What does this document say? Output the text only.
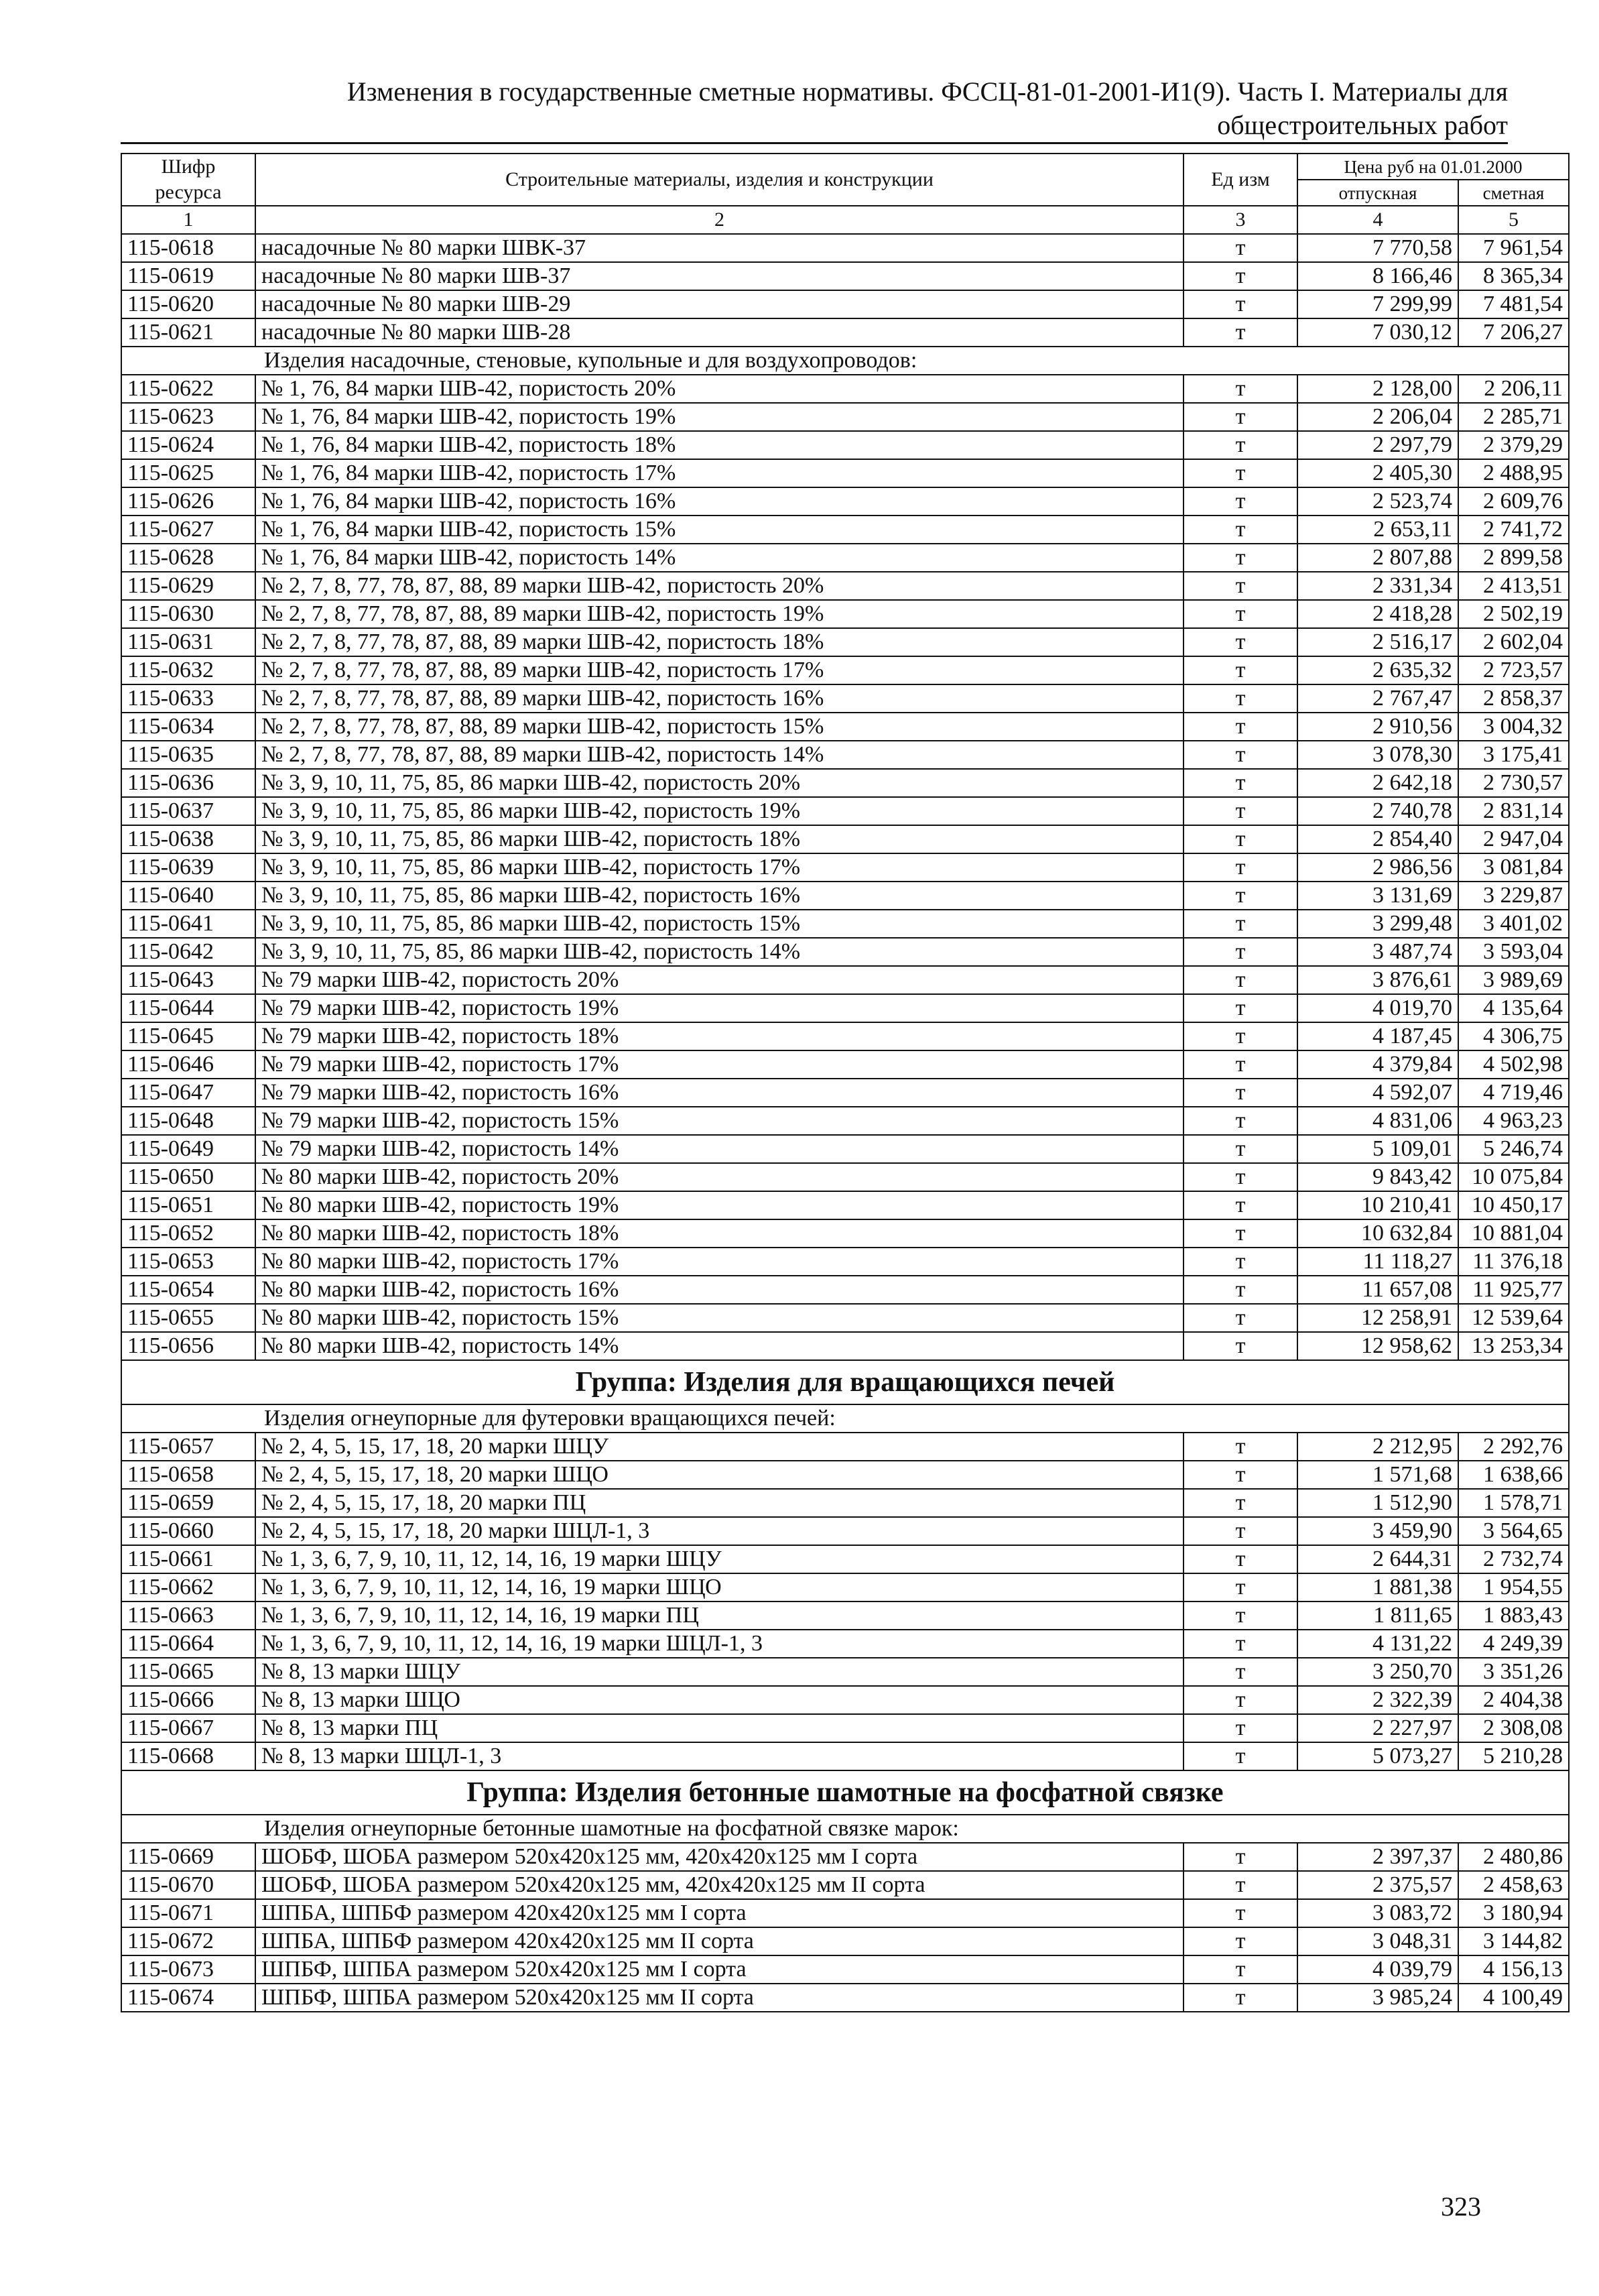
Изменения в государственные сметные нормативы. ФССЦ-81-01-2001-И1(9). Часть I. Материалы для
общестроительных работ
Шифр ресурса	Строительные материалы, изделия и конструкции	Ед изм	Цена руб на 01.01.2000	
			отпускная	сметная
1	2	3	4	5
115-0618	насадочные № 80 марки ШВК-37	т	7 770,58	7 961,54
115-0619	насадочные № 80 марки ШВ-37	т	8 166,46	8 365,34
115-0620	насадочные № 80 марки ШВ-29	т	7 299,99	7 481,54
115-0621	насадочные № 80 марки ШВ-28	т	7 030,12	7 206,27
Изделия насадочные, стеновые, купольные и для воздухопроводов:				
115-0622	№ 1, 76, 84 марки ШВ-42, пористость 20%	т	2 128,00	2 206,11
115-0623	№ 1, 76, 84 марки ШВ-42, пористость 19%	т	2 206,04	2 285,71
115-0624	№ 1, 76, 84 марки ШВ-42, пористость 18%	т	2 297,79	2 379,29
115-0625	№ 1, 76, 84 марки ШВ-42, пористость 17%	т	2 405,30	2 488,95
115-0626	№ 1, 76, 84 марки ШВ-42, пористость 16%	т	2 523,74	2 609,76
115-0627	№ 1, 76, 84 марки ШВ-42, пористость 15%	т	2 653,11	2 741,72
115-0628	№ 1, 76, 84 марки ШВ-42, пористость 14%	т	2 807,88	2 899,58
115-0629	№ 2, 7, 8, 77, 78, 87, 88, 89 марки ШВ-42, пористость 20%	т	2 331,34	2 413,51
115-0630	№ 2, 7, 8, 77, 78, 87, 88, 89 марки ШВ-42, пористость 19%	т	2 418,28	2 502,19
115-0631	№ 2, 7, 8, 77, 78, 87, 88, 89 марки ШВ-42, пористость 18%	т	2 516,17	2 602,04
115-0632	№ 2, 7, 8, 77, 78, 87, 88, 89 марки ШВ-42, пористость 17%	т	2 635,32	2 723,57
115-0633	№ 2, 7, 8, 77, 78, 87, 88, 89 марки ШВ-42, пористость 16%	т	2 767,47	2 858,37
115-0634	№ 2, 7, 8, 77, 78, 87, 88, 89 марки ШВ-42, пористость 15%	т	2 910,56	3 004,32
115-0635	№ 2, 7, 8, 77, 78, 87, 88, 89 марки ШВ-42, пористость 14%	т	3 078,30	3 175,41
115-0636	№ 3, 9, 10, 11, 75, 85, 86 марки ШВ-42, пористость 20%	т	2 642,18	2 730,57
115-0637	№ 3, 9, 10, 11, 75, 85, 86 марки ШВ-42, пористость 19%	т	2 740,78	2 831,14
115-0638	№ 3, 9, 10, 11, 75, 85, 86 марки ШВ-42, пористость 18%	т	2 854,40	2 947,04
115-0639	№ 3, 9, 10, 11, 75, 85, 86 марки ШВ-42, пористость 17%	т	2 986,56	3 081,84
115-0640	№ 3, 9, 10, 11, 75, 85, 86 марки ШВ-42, пористость 16%	т	3 131,69	3 229,87
115-0641	№ 3, 9, 10, 11, 75, 85, 86 марки ШВ-42, пористость 15%	т	3 299,48	3 401,02
115-0642	№ 3, 9, 10, 11, 75, 85, 86 марки ШВ-42, пористость 14%	т	3 487,74	3 593,04
115-0643	№ 79 марки ШВ-42, пористость 20%	т	3 876,61	3 989,69
115-0644	№ 79 марки ШВ-42, пористость 19%	т	4 019,70	4 135,64
115-0645	№ 79 марки ШВ-42, пористость 18%	т	4 187,45	4 306,75
115-0646	№ 79 марки ШВ-42, пористость 17%	т	4 379,84	4 502,98
115-0647	№ 79 марки ШВ-42, пористость 16%	т	4 592,07	4 719,46
115-0648	№ 79 марки ШВ-42, пористость 15%	т	4 831,06	4 963,23
115-0649	№ 79 марки ШВ-42, пористость 14%	т	5 109,01	5 246,74
115-0650	№ 80 марки ШВ-42, пористость 20%	т	9 843,42	10 075,84
115-0651	№ 80 марки ШВ-42, пористость 19%	т	10 210,41	10 450,17
115-0652	№ 80 марки ШВ-42, пористость 18%	т	10 632,84	10 881,04
115-0653	№ 80 марки ШВ-42, пористость 17%	т	11 118,27	11 376,18
115-0654	№ 80 марки ШВ-42, пористость 16%	т	11 657,08	11 925,77
115-0655	№ 80 марки ШВ-42, пористость 15%	т	12 258,91	12 539,64
115-0656	№ 80 марки ШВ-42, пористость 14%	т	12 958,62	13 253,34
Группа: Изделия для вращающихся печей				
Изделия огнеупорные для футеровки вращающихся печей:				
115-0657	№ 2, 4, 5, 15, 17, 18, 20 марки ШЦУ	т	2 212,95	2 292,76
115-0658	№ 2, 4, 5, 15, 17, 18, 20 марки ШЦО	т	1 571,68	1 638,66
115-0659	№ 2, 4, 5, 15, 17, 18, 20 марки ПЦ	т	1 512,90	1 578,71
115-0660	№ 2, 4, 5, 15, 17, 18, 20 марки ШЦЛ-1, 3	т	3 459,90	3 564,65
115-0661	№ 1, 3, 6, 7, 9, 10, 11, 12, 14, 16, 19 марки ШЦУ	т	2 644,31	2 732,74
115-0662	№ 1, 3, 6, 7, 9, 10, 11, 12, 14, 16, 19 марки ШЦО	т	1 881,38	1 954,55
115-0663	№ 1, 3, 6, 7, 9, 10, 11, 12, 14, 16, 19 марки ПЦ	т	1 811,65	1 883,43
115-0664	№ 1, 3, 6, 7, 9, 10, 11, 12, 14, 16, 19 марки ШЦЛ-1, 3	т	4 131,22	4 249,39
115-0665	№ 8, 13 марки ШЦУ	т	3 250,70	3 351,26
115-0666	№ 8, 13 марки ШЦО	т	2 322,39	2 404,38
115-0667	№ 8, 13 марки ПЦ	т	2 227,97	2 308,08
115-0668	№ 8, 13 марки ШЦЛ-1, 3	т	5 073,27	5 210,28
Группа: Изделия бетонные шамотные на фосфатной связке				
Изделия огнеупорные бетонные шамотные на фосфатной связке марок:				
115-0669	ШОБФ, ШОБА размером 520x420x125 мм, 420x420x125 мм I сорта	т	2 397,37	2 480,86
115-0670	ШОБФ, ШОБА размером 520x420x125 мм, 420x420x125 мм II сорта	т	2 375,57	2 458,63
115-0671	ШПБА, ШПБФ размером 420x420x125 мм I сорта	т	3 083,72	3 180,94
115-0672	ШПБА, ШПБФ размером 420x420x125 мм II сорта	т	3 048,31	3 144,82
115-0673	ШПБФ, ШПБА размером 520x420x125 мм I сорта	т	4 039,79	4 156,13
115-0674	ШПБФ, ШПБА размером 520x420x125 мм II сорта	т	3 985,24	4 100,49
323
